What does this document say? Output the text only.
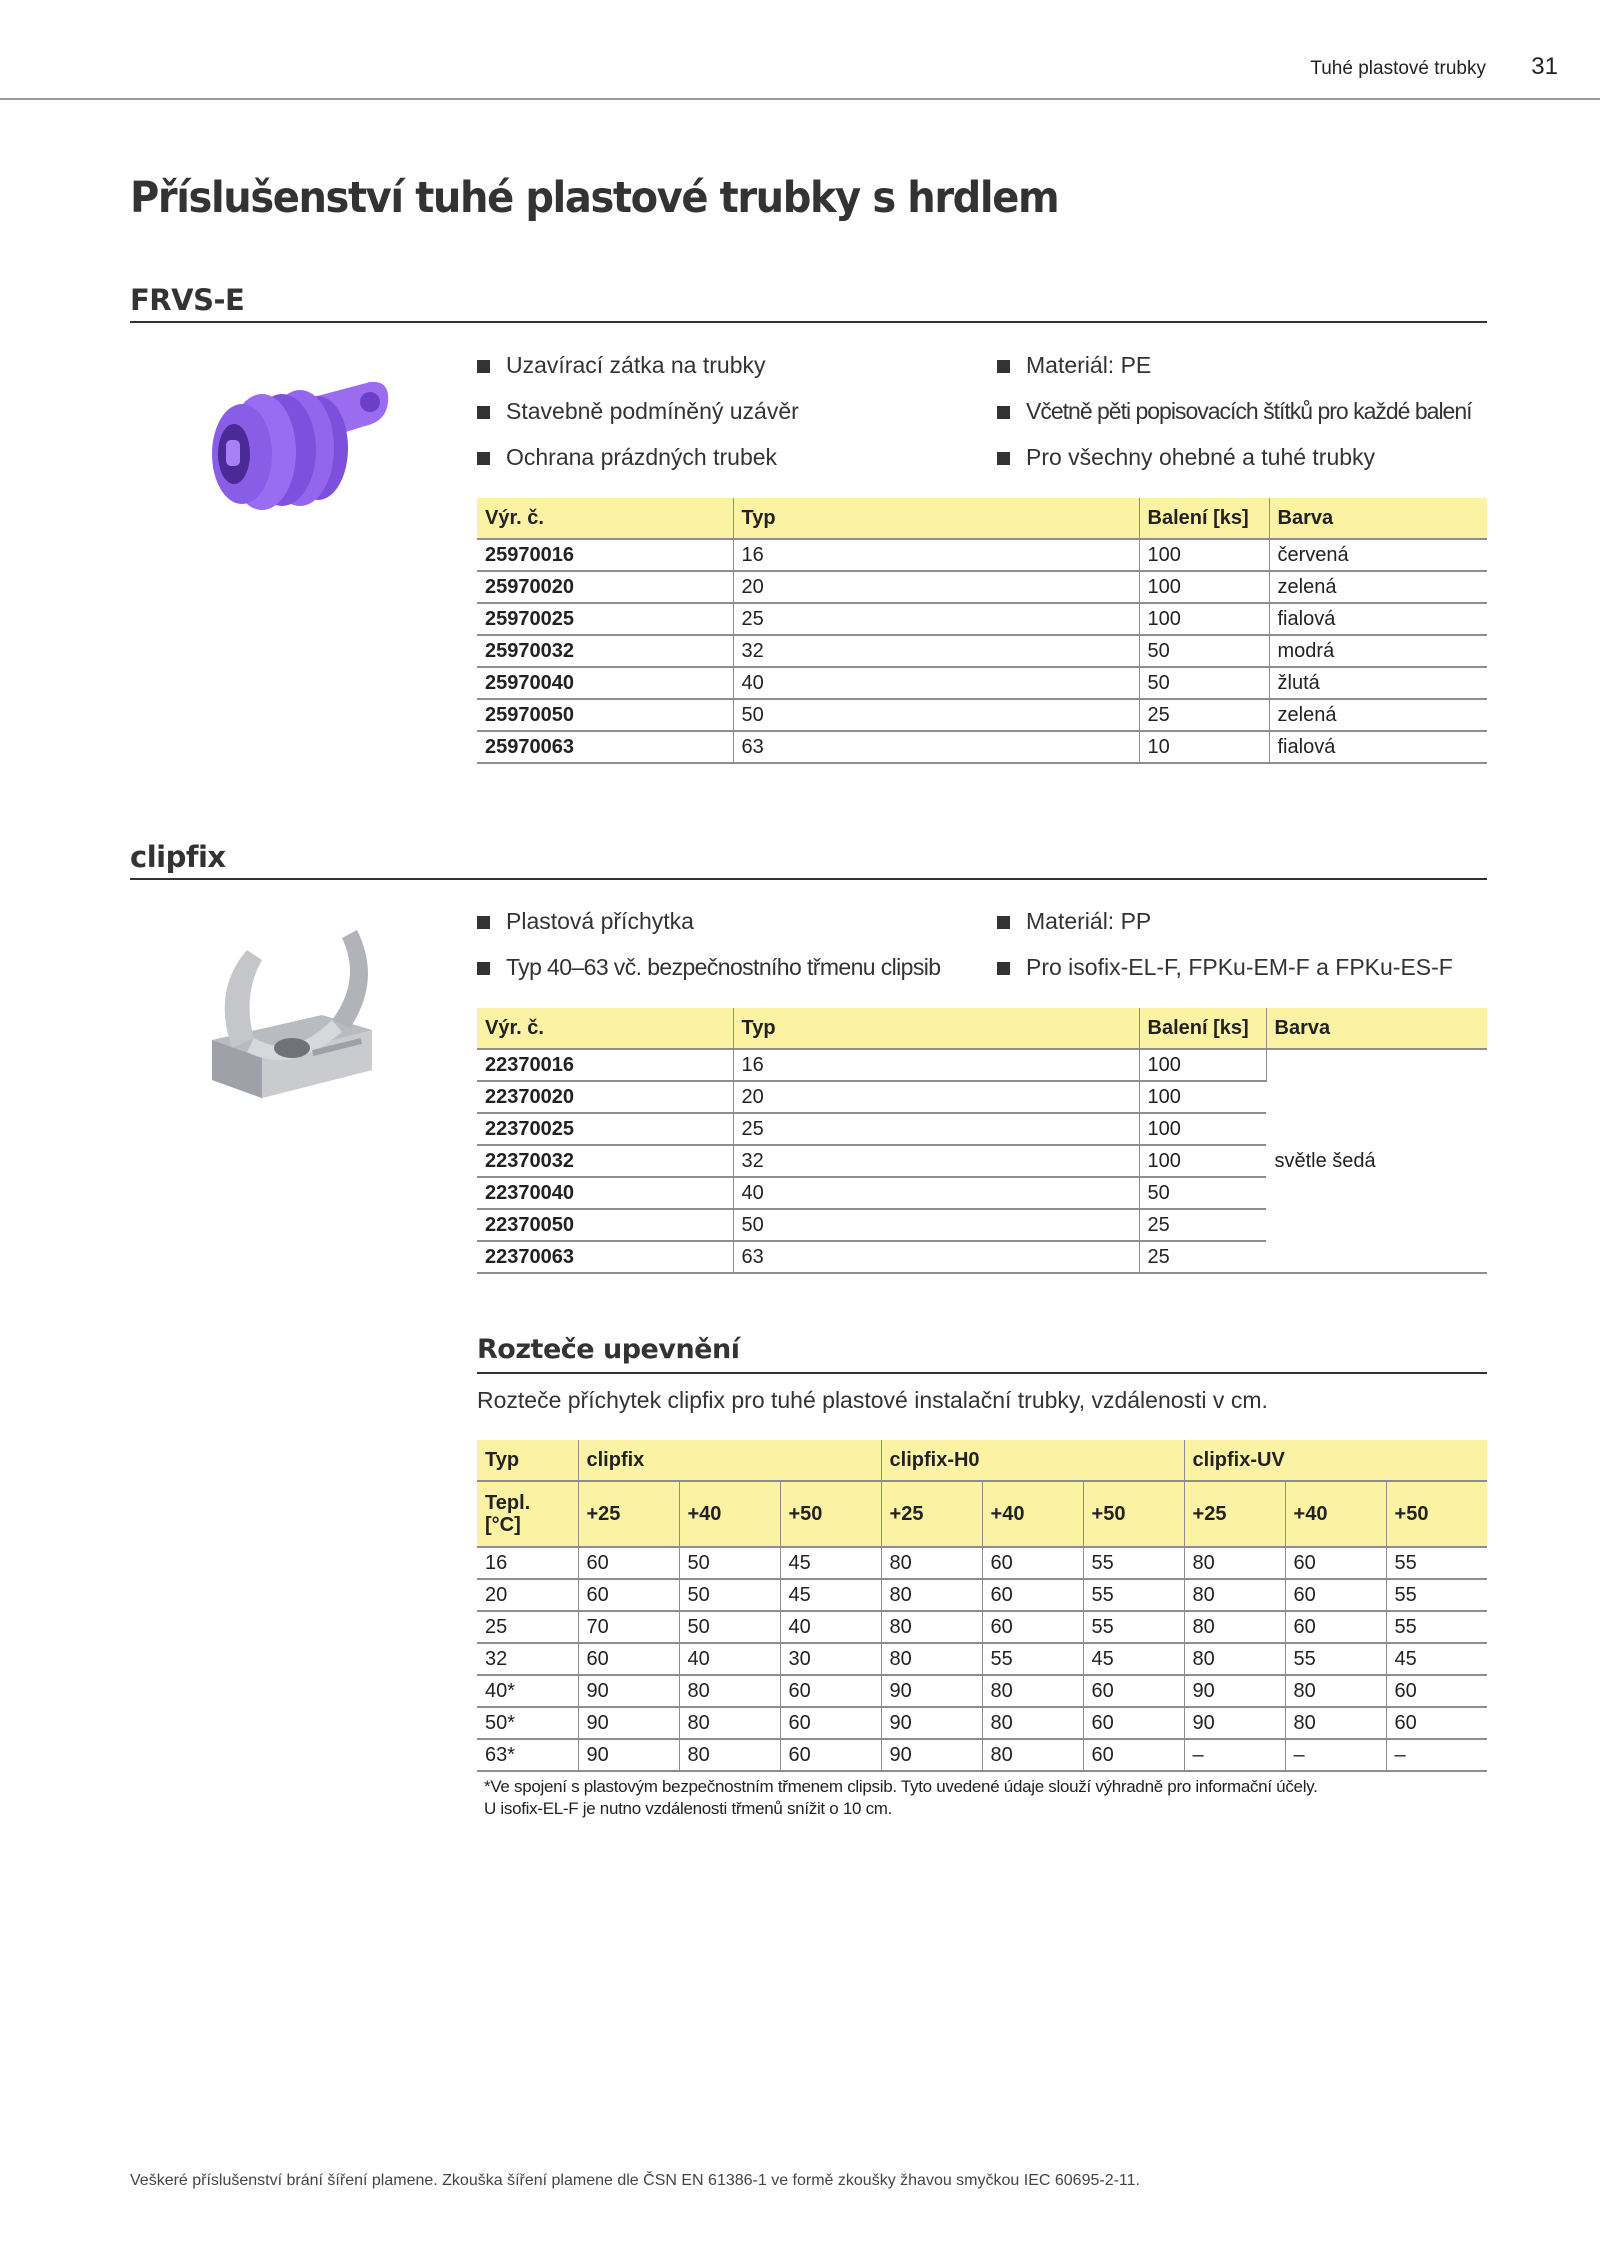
Tuhé plastové trubky 31
Příslušenství tuhé plastové trubky s hrdlem
FRVS-E
Uzavírací zátka na trubky	Materiál: PE
Stavebně podmíněný uzávěr	Včetně pěti popisovacích štítků pro každé balení
Ochrana prázdných trubek	Pro všechny ohebné a tuhé trubky
Výr. č.	Typ	Balení [ks]	Barva
25970016	16	100	červená
25970020	20	100	zelená
25970025	25	100	fialová
25970032	32	50	modrá
25970040	40	50	žlutá
25970050	50	25	zelená
25970063	63	10	fialová
clipfix
Plastová příchytka	Materiál: PP
Typ 40–63 vč. bezpečnostního třmenu clipsib	Pro isofix-EL-F, FPKu-EM-F a FPKu-ES-F
Výr. č.	Typ	Balení [ks]	Barva
22370016	16	100	světle šedá
22370020	20	100	
22370025	25	100	
22370032	32	100	
22370040	40	50	
22370050	50	25	
22370063	63	25	
Rozteče upevnění
Rozteče příchytek clipfix pro tuhé plastové instalační trubky, vzdálenosti v cm.
Typ	clipfix			clipfix-H0			clipfix-UV		
Tepl.
[°C]	+25	+40	+50	+25	+40	+50	+25	+40	+50
16	60	50	45	80	60	55	80	60	55
20	60	50	45	80	60	55	80	60	55
25	70	50	40	80	60	55	80	60	55
32	60	40	30	80	55	45	80	55	45
40*	90	80	60	90	80	60	90	80	60
50*	90	80	60	90	80	60	90	80	60
63*	90	80	60	90	80	60	–	–	–
*Ve spojení s plastovým bezpečnostním třmenem clipsib. Tyto uvedené údaje slouží výhradně pro informační účely.
U isofix-EL-F je nutno vzdálenosti třmenů snížit o 10 cm.
Veškeré příslušenství brání šíření plamene. Zkouška šíření plamene dle ČSN EN 61386-1 ve formě zkoušky žhavou smyčkou IEC 60695-2-11.
